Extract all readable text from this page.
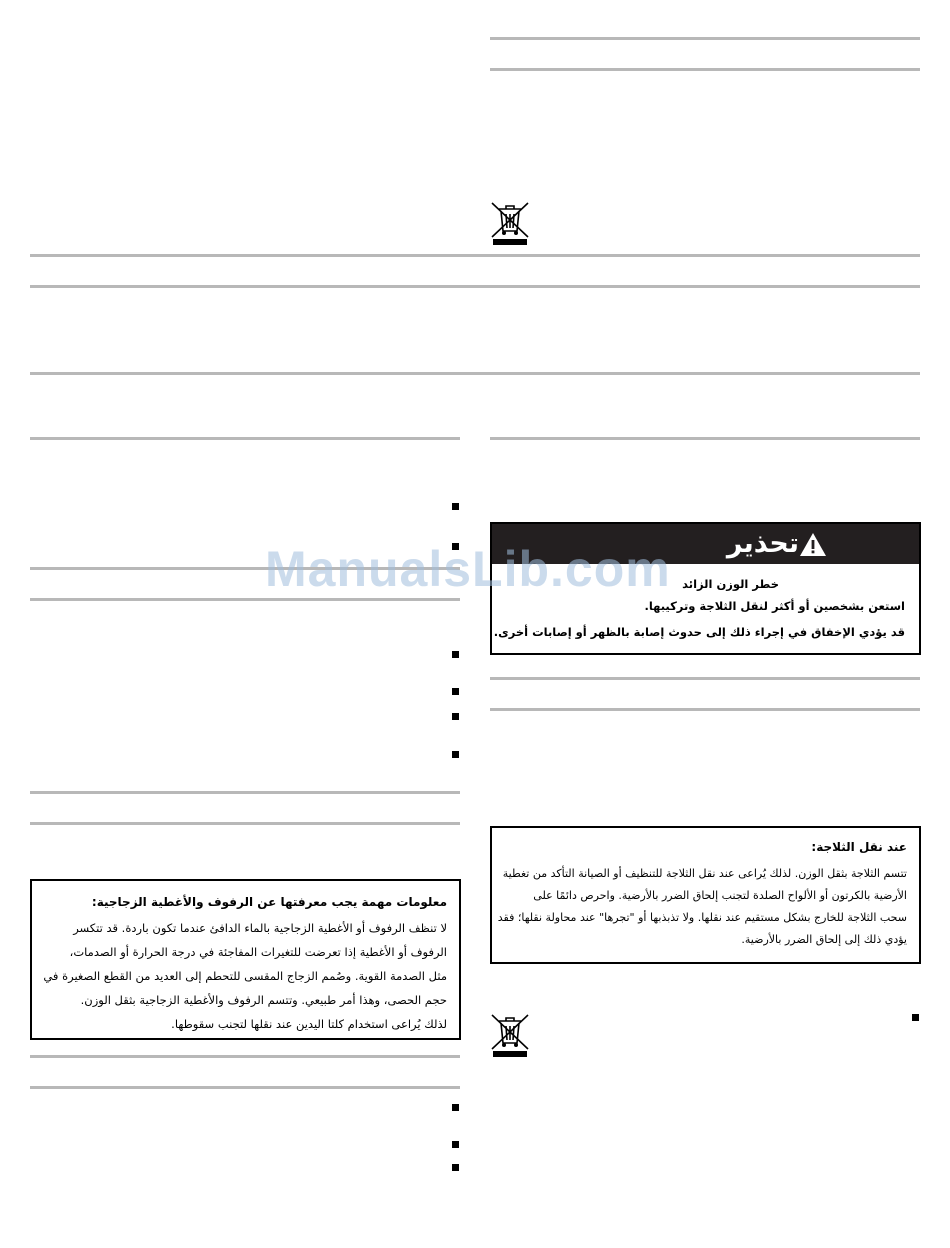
تحذير
خطر الوزن الزائد
استعن بشخصين أو أكثر لنقل الثلاجة وتركيبها.
قد يؤدي الإخفاق في إجراء ذلك إلى حدوث إصابة بالظهر أو إصابات أخرى.
عند نقل الثلاجة:
تتسم الثلاجة بثقل الوزن. لذلك يُراعى عند نقل الثلاجة للتنظيف أو الصيانة التأكد من تغطية
الأرضية بالكرتون أو الألواح الصلدة لتجنب إلحاق الضرر بالأرضية. واحرص دائمًا على
سحب الثلاجة للخارج بشكل مستقيم عند نقلها. ولا تذبذبها أو "تجرها" عند محاولة نقلها؛ فقد
يؤدي ذلك إلى إلحاق الضرر بالأرضية.
معلومات مهمة يجب معرفتها عن الرفوف والأغطية الزجاجية:
لا تنظف الرفوف أو الأغطية الزجاجية بالماء الدافئ عندما تكون باردة. قد تتكسر
الرفوف أو الأغطية إذا تعرضت للتغيرات المفاجئة في درجة الحرارة أو الصدمات،
مثل الصدمة القوية. وصُمم الزجاج المقسى للتحطم إلى العديد من القطع الصغيرة في
حجم الحصى، وهذا أمر طبيعي. وتتسم الرفوف والأغطية الزجاجية بثقل الوزن.
لذلك يُراعى استخدام كلتا اليدين عند نقلها لتجنب سقوطها.
ManualsLib.com
